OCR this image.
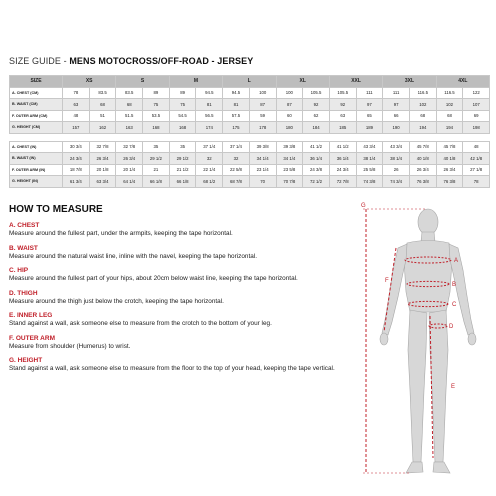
SIZE GUIDE - MENS MOTOCROSS/OFF-ROAD - JERSEY
SIZE	XS		S		M		L		XL		XXL		3XL		4XL	
A. CHEST (CM)	78	83.5	83.5	89	89	94.5	94.5	100	100	105.5	105.5	111	111	116.5	116.5	122
B. WAIST (CM)	63	68	68	75	75	81	81	87	87	92	92	97	97	102	102	107
F. OUTER ARM (CM)	48	51	51.5	53.5	54.5	56.5	57.5	59	60	62	63	65	66	68	68	69
G. HEIGHT (CM)	157	162	163	168	168	174	175	178	180	184	185	189	190	194	194	198

A. CHEST (IN)	30 3/4	32 7/8	32 7/8	35	35	37 1/4	37 1/4	39 3/8	39 3/8	41 1/2	41 1/2	43 3/4	43 3/4	45 7/8	45 7/8	48
B. WAIST (IN)	24 3/4	26 3/4	26 3/4	29 1/2	29 1/2	32	32	34 1/4	34 1/4	36 1/4	36 1/4	38 1/4	38 1/4	40 1/8	40 1/8	42 1/8
F. OUTER ARM (IN)	18 7/8	20 1/8	20 1/4	21	21 1/2	22 1/4	22 5/8	23 1/4	23 5/8	24 3/8	24 3/4	25 5/8	26	26 3/4	26 3/4	27 1/8
G. HEIGHT (IN)	61 3/4	63 3/4	64 1/4	66 1/8	66 1/8	68 1/2	68 7/8	70	70 7/8	72 1/2	72 7/8	74 3/8	74 3/4	76 3/8	76 3/8	78
HOW TO MEASURE
A. CHEST
Measure around the fullest part, under the armpits, keeping the tape horizontal.
B. WAIST
Measure around the natural waist line, inline with the navel, keeping the tape horizontal.
C. HIP
Measure around the fullest part of your hips, about 20cm below waist line, keeping the tape horizontal.
D. THIGH
Measure around the thigh just below the crotch, keeping the tape horizontal.
E. INNER LEG
Stand against a wall, ask someone else to measure from the crotch to the bottom of your leg.
F. OUTER ARM
Measure from shoulder (Humerus) to wrist.
G. HEIGHT
Stand against a wall, ask someone else to measure from the floor to the top of your head, keeping the tape vertical.
G
F
A
B
C
D
E
